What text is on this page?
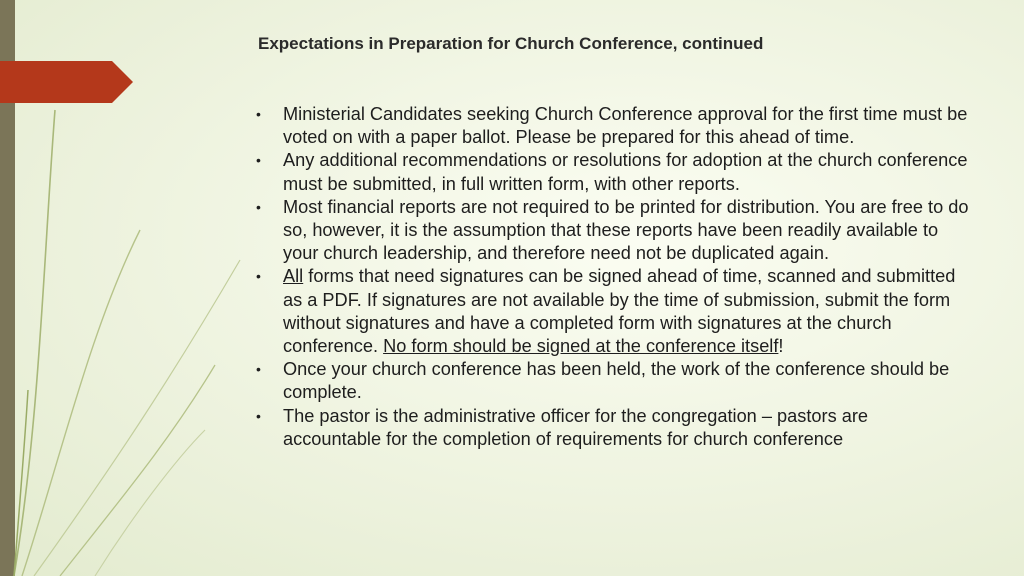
Expectations in Preparation for Church Conference, continued
• Ministerial Candidates seeking Church Conference approval for the first time must be voted on with a paper ballot. Please be prepared for this ahead of time.
• Any additional recommendations or resolutions for adoption at the church conference must be submitted, in full written form, with other reports.
• Most financial reports are not required to be printed for distribution. You are free to do so, however, it is the assumption that these reports have been readily available to your church leadership, and therefore need not be duplicated again.
• All forms that need signatures can be signed ahead of time, scanned and submitted as a PDF. If signatures are not available by the time of submission, submit the form without signatures and have a completed form with signatures at the church conference. No form should be signed at the conference itself!
• Once your church conference has been held, the work of the conference should be complete.
• The pastor is the administrative officer for the congregation – pastors are accountable for the completion of requirements for church conference
